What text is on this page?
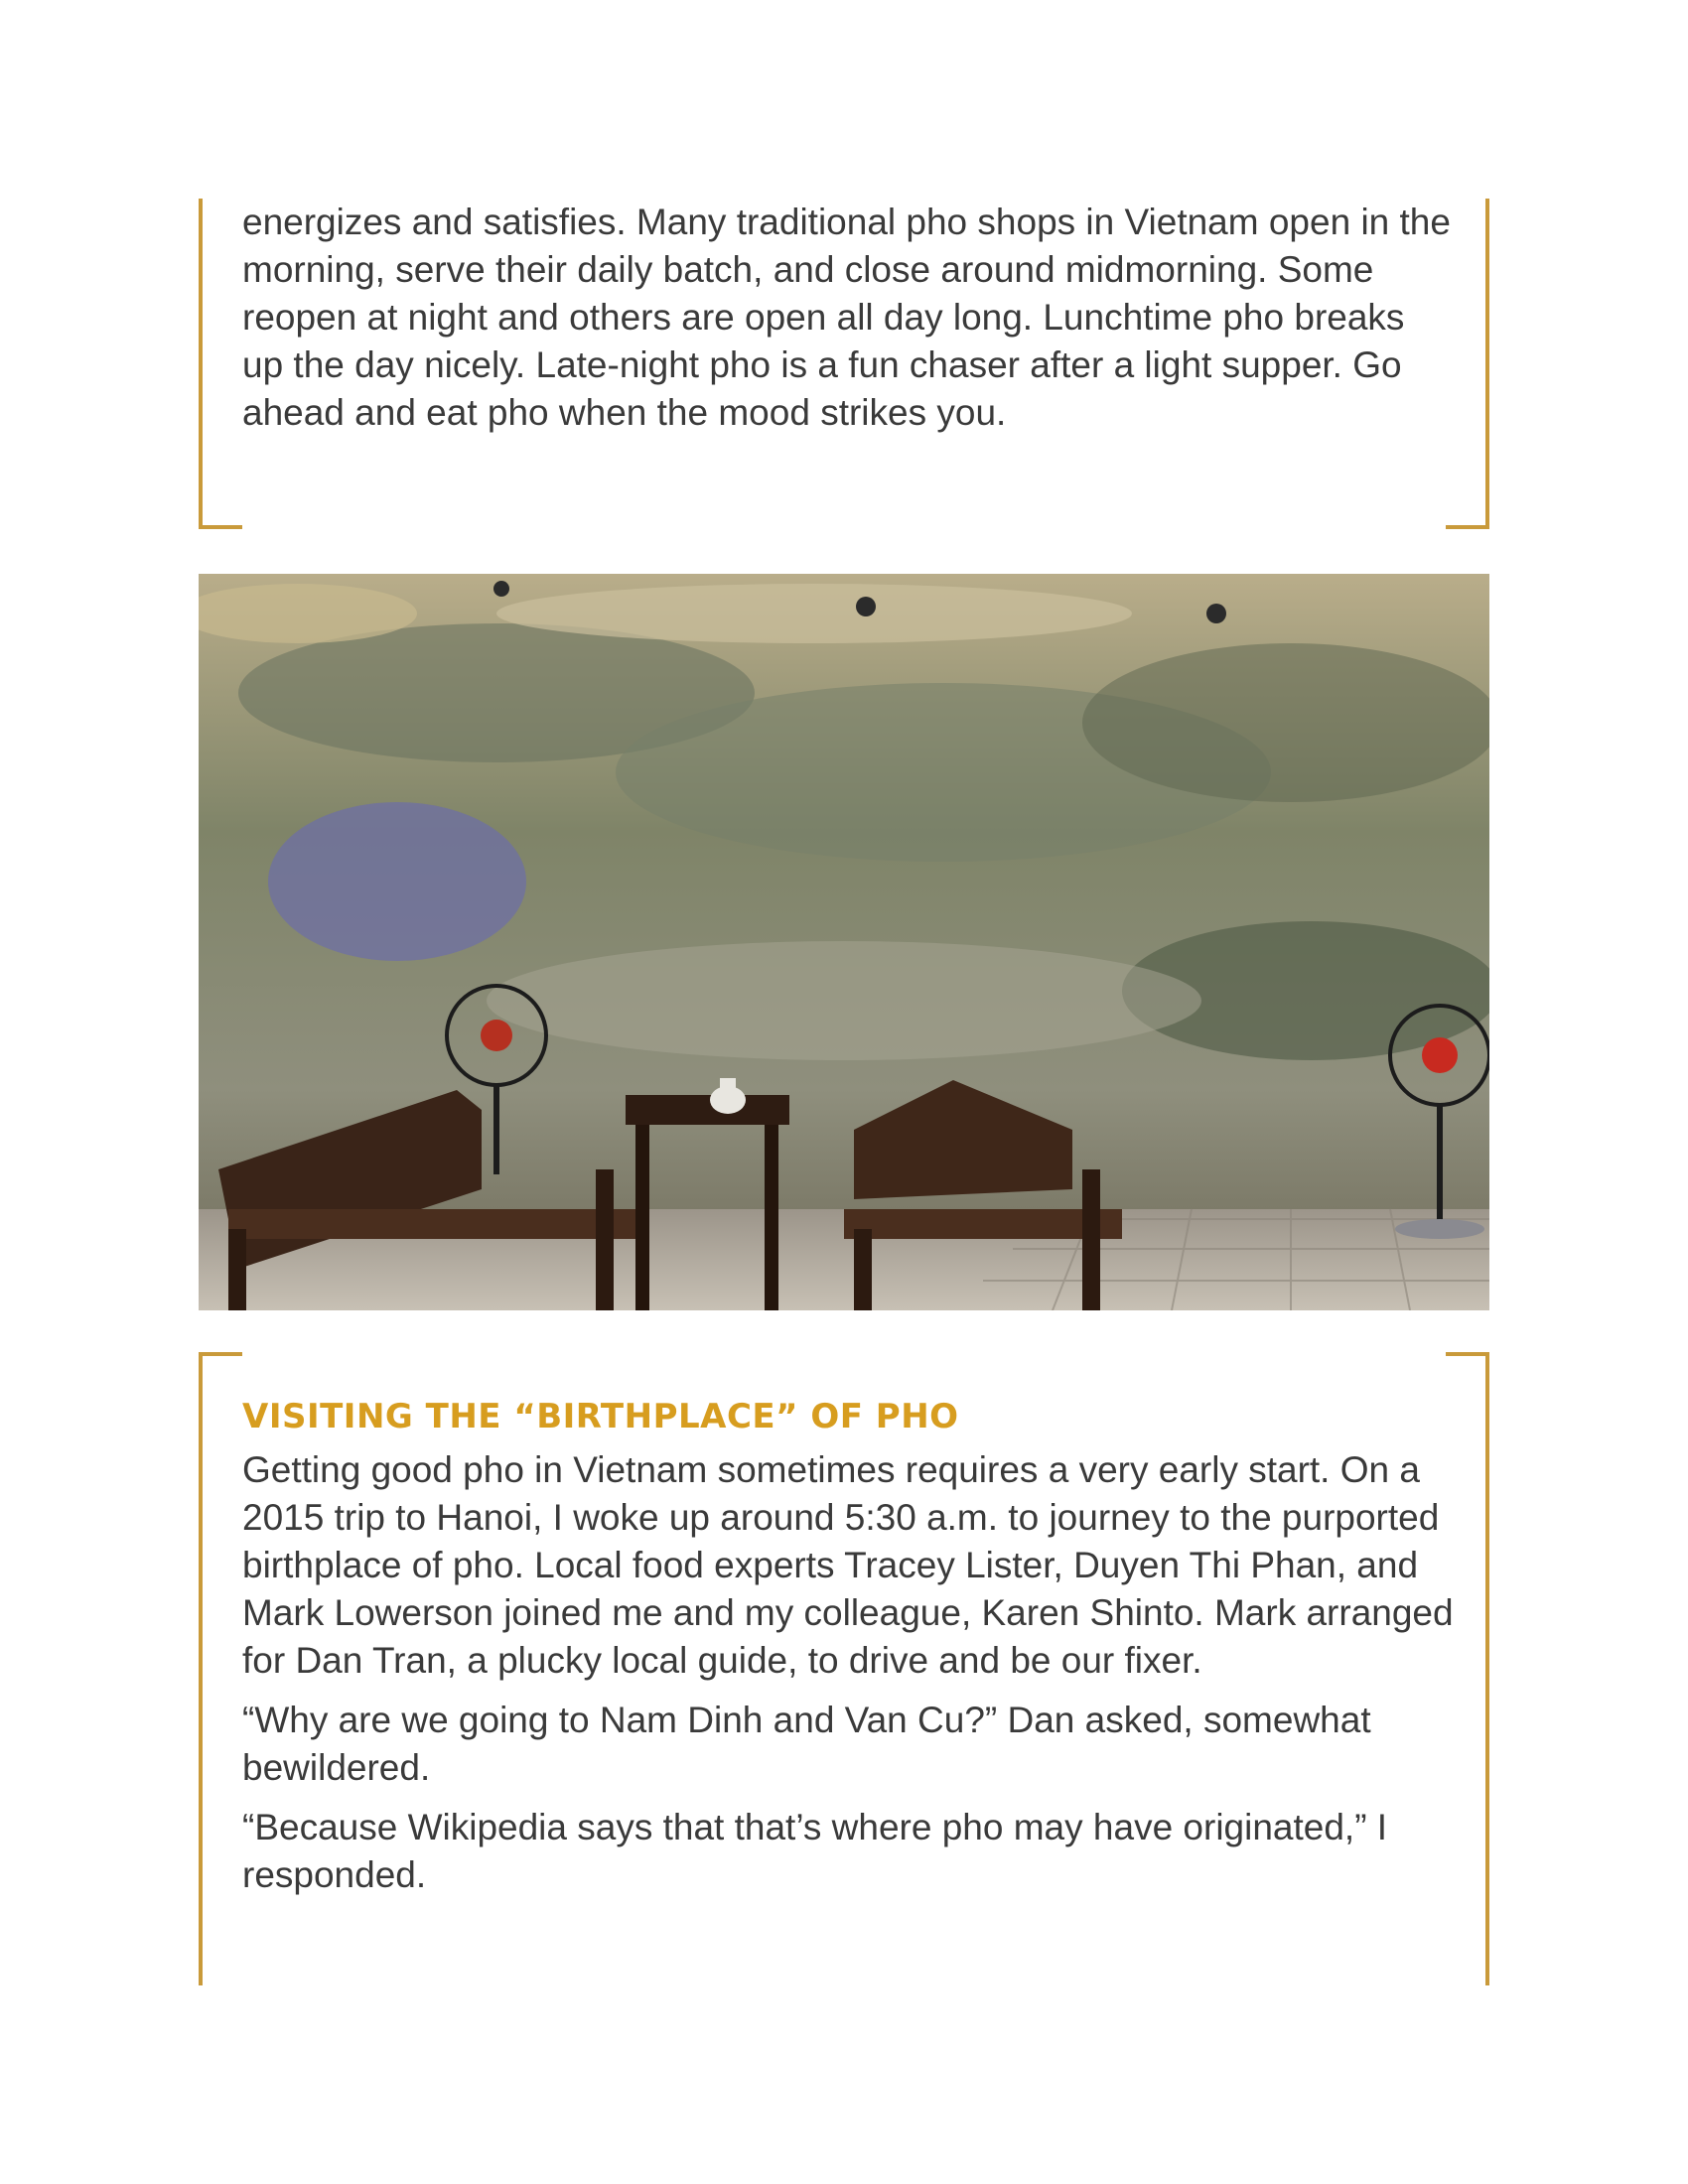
energizes and satisfies. Many traditional pho shops in Vietnam open in the morning, serve their daily batch, and close around midmorning. Some reopen at night and others are open all day long. Lunchtime pho breaks up the day nicely. Late-night pho is a fun chaser after a light supper. Go ahead and eat pho when the mood strikes you.
VISITING THE “BIRTHPLACE” OF PHO

Getting good pho in Vietnam sometimes requires a very early start. On a 2015 trip to Hanoi, I woke up around 5:30 a.m. to journey to the purported birthplace of pho. Local food experts Tracey Lister, Duyen Thi Phan, and Mark Lowerson joined me and my colleague, Karen Shinto. Mark arranged for Dan Tran, a plucky local guide, to drive and be our fixer.

“Why are we going to Nam Dinh and Van Cu?” Dan asked, somewhat bewildered.

“Because Wikipedia says that that’s where pho may have originated,” I responded.
